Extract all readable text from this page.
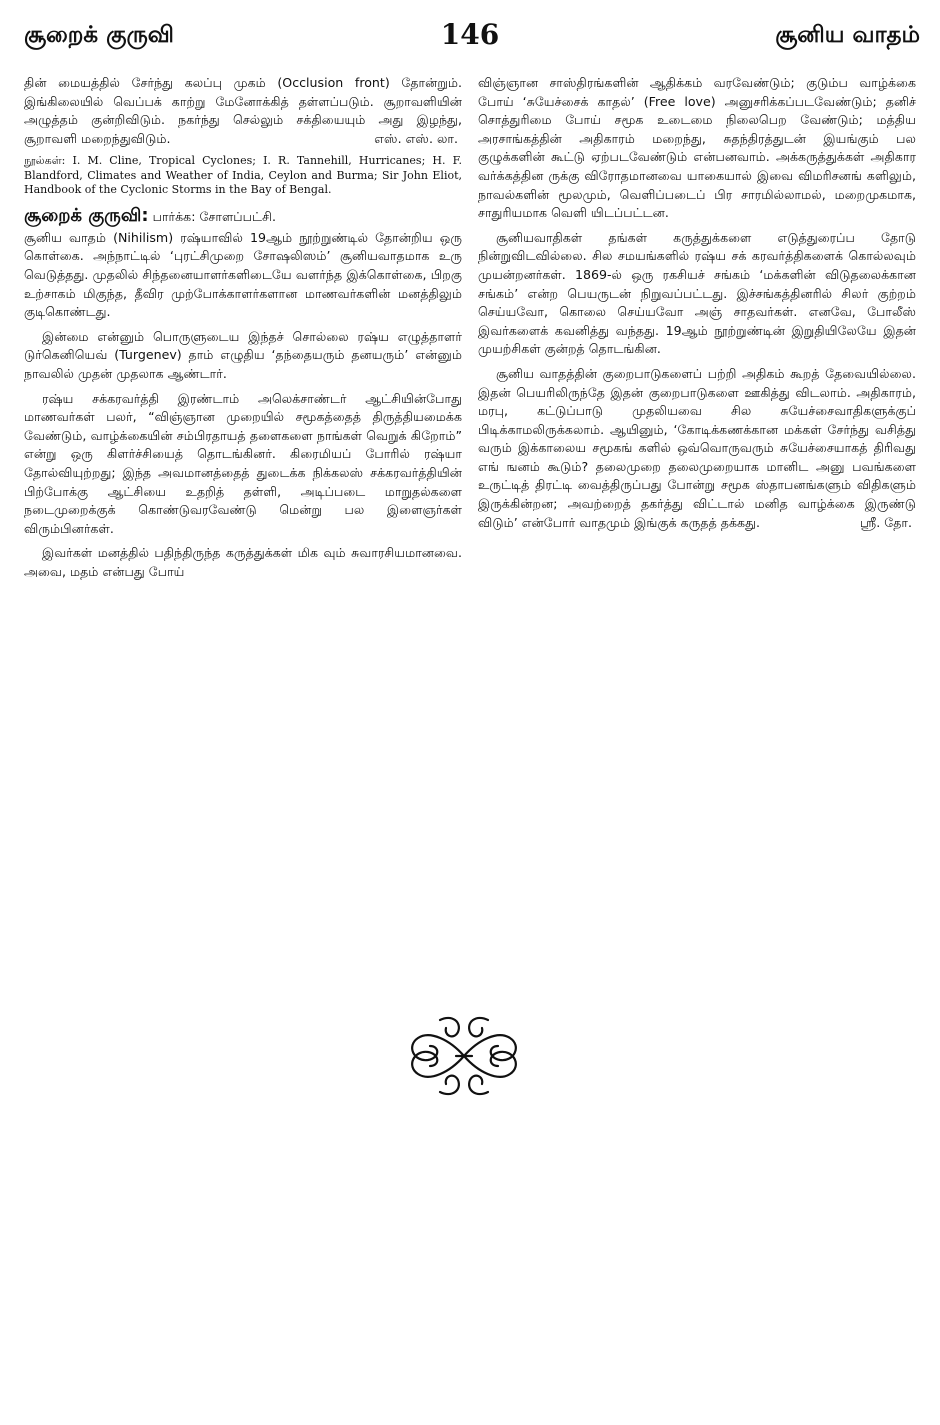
சூறைக் குருவி	146	சூனிய வாதம்

தின் மையத்தில் சேர்ந்து கலப்பு முகம் (Occlusion front) தோன்றும். இங்கிலையில் வெப்பக் காற்று மேனோக்கித் தள்ளப்படும். சூறாவளியின் அழுத்தம் குன்றிவிடும். நகர்ந்து செல்லும் சக்தியையும் அது இழந்து, சூறாவளி மறைந்துவிடும்.	எஸ். எஸ். லா.

நூல்கள்: I. M. Cline, Tropical Cyclones; I. R. Tannehill, Hurricanes; H. F. Blandford, Climates and Weather of India, Ceylon and Burma; Sir John Eliot, Handbook of the Cyclonic Storms in the Bay of Bengal.
சூறைக் குருவி: பார்க்க: சோளப்பட்சி.

சூனிய வாதம் (Nihilism) ரஷ்யாவில் 19ஆம் நூற்றுண்டில் தோன்றிய ஒரு கொள்கை. அந்நாட்டில் ‘புரட்சிமுறை சோஷலிஸம்’ சூனியவாதமாக உரு வெடுத்தது. முதலில் சிந்தனையாளர்களிடையே வளர்ந்த இக்கொள்கை, பிறகு உற்சாகம் மிகுந்த, தீவிர முற்போக்காளர்களான மாணவர்களின் மனத்திலும் குடிகொண்டது.

இன்மை என்னும் பொருளுடைய இந்தச் சொல்லை ரஷ்ய எழுத்தாளர் டுர்கெனியெவ் (Turgenev) தாம் எழுதிய ‘தந்தையரும் தனயரும்’ என்னும் நாவலில் முதன் முதலாக ஆண்டார்.

ரஷ்ய சக்கரவர்த்தி இரண்டாம் அலெக்சாண்டர் ஆட்சியின்போது மாணவர்கள் பலர், “விஞ்ஞான முறையில் சமூகத்தைத் திருத்தியமைக்க வேண்டும், வாழ்க்கையின் சம்பிரதாயத் தளைகளை நாங்கள் வெறுக் கிறோம்” என்று ஒரு கிளர்ச்சியைத் தொடங்கினர். கிரைமியப் போரில் ரஷ்யா தோல்வியுற்றது; இந்த அவமானத்தைத் துடைக்க நிக்கலஸ் சக்கரவர்த்தியின் பிற்போக்கு ஆட்சியை உதறித் தள்ளி, அடிப்படை மாறுதல்களை நடைமுறைக்குக் கொண்டுவரவேண்டு மென்று பல இளைஞர்கள் விரும்பினர்கள்.

இவர்கள் மனத்தில் பதிந்திருந்த கருத்துக்கள் மிக வும் சுவாரசியமானவை. அவை, மதம் என்பது போய்

விஞ்ஞான சாஸ்திரங்களின் ஆதிக்கம் வரவேண்டும்; குடும்ப வாழ்க்கை போய் ‘சுயேச்சைக் காதல்’ (Free love) அனுசரிக்கப்படவேண்டும்; தனிச் சொத்துரிமை போய் சமூக உடைமை நிலைபெற வேண்டும்; மத்திய அரசாங்கத்தின் அதிகாரம் மறைந்து, சுதந்திரத்துடன் இயங்கும் பல குழுக்களின் கூட்டு ஏற்படவேண்டும் என்பனவாம். அக்கருத்துக்கள் அதிகார வர்க்கத்தின ருக்கு விரோதமானவை யாகையால் இவை விமரிசனங் களிலும், நாவல்களின் மூலமும், வெளிப்படைப் பிர சாரமில்லாமல், மறைமுகமாக, சாதுரியமாக வெளி யிடப்பட்டன.

சூனியவாதிகள் தங்கள் கருத்துக்களை எடுத்துரைப்ப தோடு நின்றுவிடவில்லை. சில சமயங்களில் ரஷ்ய சக் கரவர்த்திகளைக் கொல்லவும் முயன்றனர்கள். 1869-ல் ஒரு ரகசியச் சங்கம் ‘மக்களின் விடுதலைக்கான சங்கம்’ என்ற பெயருடன் நிறுவப்பட்டது. இச்சங்கத்தினரில் சிலர் குற்றம் செய்யவோ, கொலை செய்யவோ அஞ் சாதவர்கள். எனவே, போலீஸ் இவர்களைக் கவனித்து வந்தது. 19ஆம் நூற்றுண்டின் இறுதியிலேயே இதன் முயற்சிகள் குன்றத் தொடங்கின.

சூனிய வாதத்தின் குறைபாடுகளைப் பற்றி அதிகம் கூறத் தேவையில்லை. இதன் பெயரிலிருந்தே இதன் குறைபாடுகளை ஊகித்து விடலாம். அதிகாரம், மரபு, கட்டுப்பாடு முதலியவை சில சுயேச்சைவாதிகளுக்குப் பிடிக்காமலிருக்கலாம். ஆயினும், ‘கோடிக்கணக்கான மக்கள் சேர்ந்து வசித்து வரும் இக்காலைய சமூகங் களில் ஒவ்வொருவரும் சுயேச்சையாகத் திரிவது எங் ஙனம் கூடும்? தலைமுறை தலைமுறையாக மானிட அனு பவங்களை உருட்டித் திரட்டி வைத்திருப்பது போன்று சமூக ஸ்தாபனங்களும் விதிகளும் இருக்கின்றன; அவற்றைத் தகர்த்து விட்டால் மனித வாழ்க்கை இருண்டு விடும்’ என்போர் வாதமும் இங்குக் கருதத் தக்கது.	ஸ்ரீ. தோ.
